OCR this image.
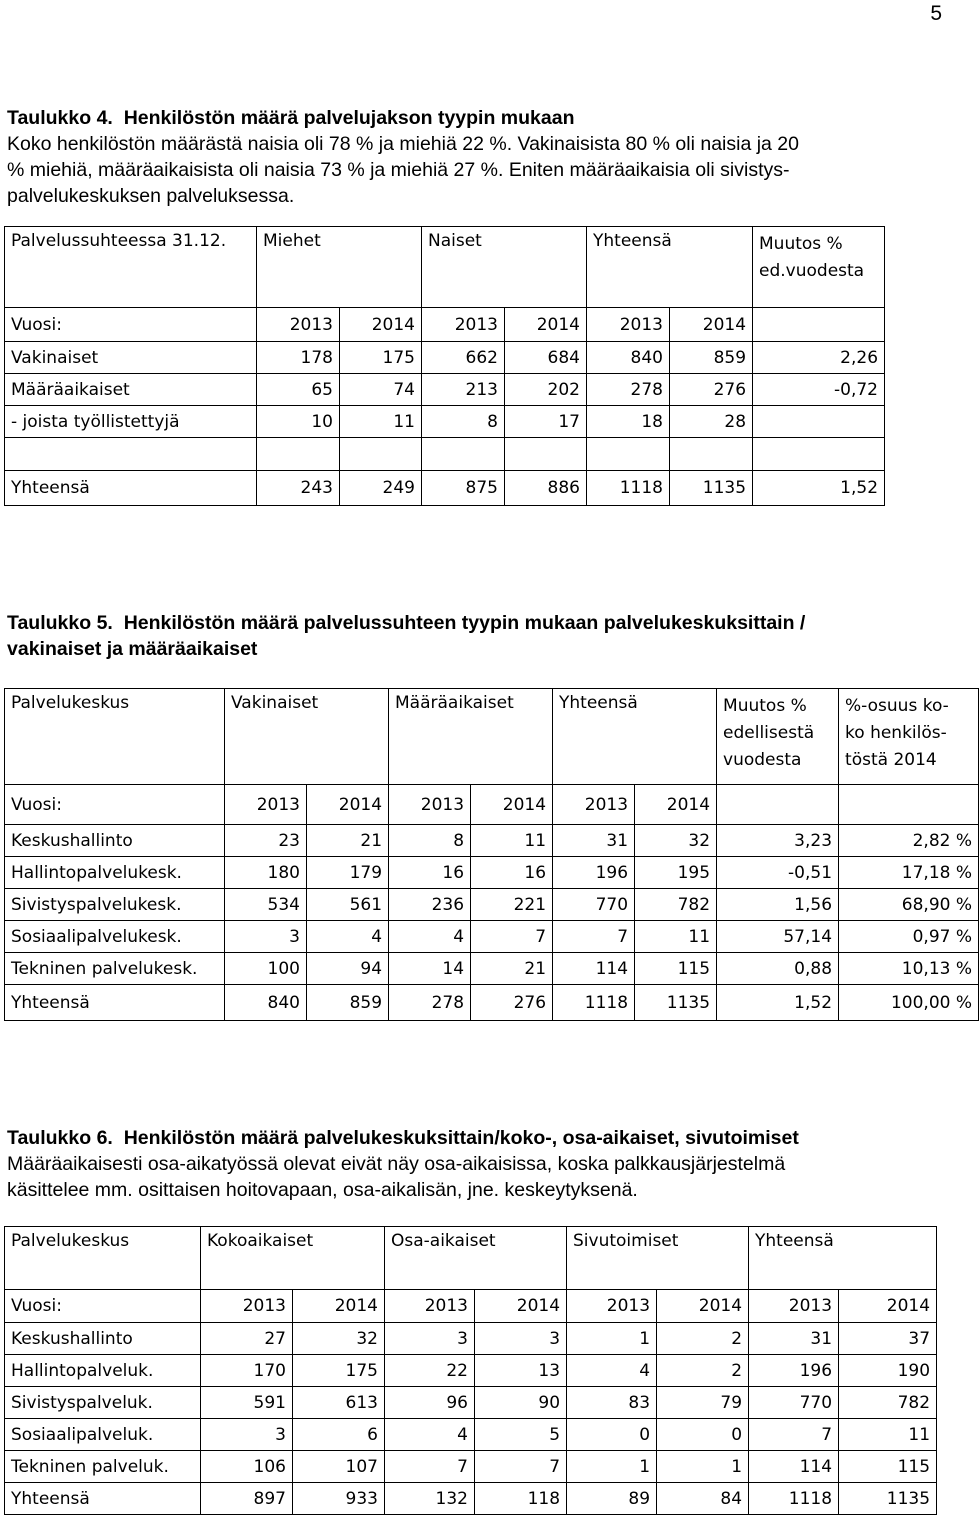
5
Taulukko 4. Henkilöstön määrä palvelujakson tyypin mukaan
Koko henkilöstön määrästä naisia oli 78 % ja miehiä 22 %. Vakinaisista 80 % oli naisia ja 20
% miehiä, määräaikaisista oli naisia 73 % ja miehiä 27 %. Eniten määräaikaisia oli sivistys-
palvelukeskuksen palveluksessa.
Palvelussuhteessa 31.12.	Miehet		Naiset		Yhteensä		Muutos %
ed.vuodesta

Vuosi:	2013	2014	2013	2014	2013	2014	
Vakinaiset	178	175	662	684	840	859	2,26
Määräaikaiset	65	74	213	202	278	276	-0,72
- joista työllistettyjä	10	11	8	17	18	28	

Yhteensä	243	249	875	886	1118	1135	1,52
Taulukko 5. Henkilöstön määrä palvelussuhteen tyypin mukaan palvelukeskuksittain /
vakinaiset ja määräaikaiset
Palvelukeskus	Vakinaiset		Määräaikaiset		Yhteensä		Muutos %
edellisestä
vuodesta	%-osuus ko-
ko henkilös-
töstä 2014

Vuosi:	2013	2014	2013	2014	2013	2014		
Keskushallinto	23	21	8	11	31	32	3,23	2,82 %
Hallintopalvelukesk.	180	179	16	16	196	195	-0,51	17,18 %
Sivistyspalvelukesk.	534	561	236	221	770	782	1,56	68,90 %
Sosiaalipalvelukesk.	3	4	4	7	7	11	57,14	0,97 %
Tekninen palvelukesk.	100	94	14	21	114	115	0,88	10,13 %
Yhteensä	840	859	278	276	1118	1135	1,52	100,00 %
Taulukko 6. Henkilöstön määrä palvelukeskuksittain/koko-, osa-aikaiset, sivutoimiset
Määräaikaisesti osa-aikatyössä olevat eivät näy osa-aikaisissa, koska palkkausjärjestelmä
käsittelee mm. osittaisen hoitovapaan, osa-aikalisän, jne. keskeytyksenä.
Palvelukeskus	Kokoaikaiset		Osa-aikaiset		Sivutoimiset		Yhteensä	
Vuosi:	2013	2014	2013	2014	2013	2014	2013	2014
Keskushallinto	27	32	3	3	1	2	31	37
Hallintopalveluk.	170	175	22	13	4	2	196	190
Sivistyspalveluk.	591	613	96	90	83	79	770	782
Sosiaalipalveluk.	3	6	4	5	0	0	7	11
Tekninen palveluk.	106	107	7	7	1	1	114	115
Yhteensä	897	933	132	118	89	84	1118	1135
